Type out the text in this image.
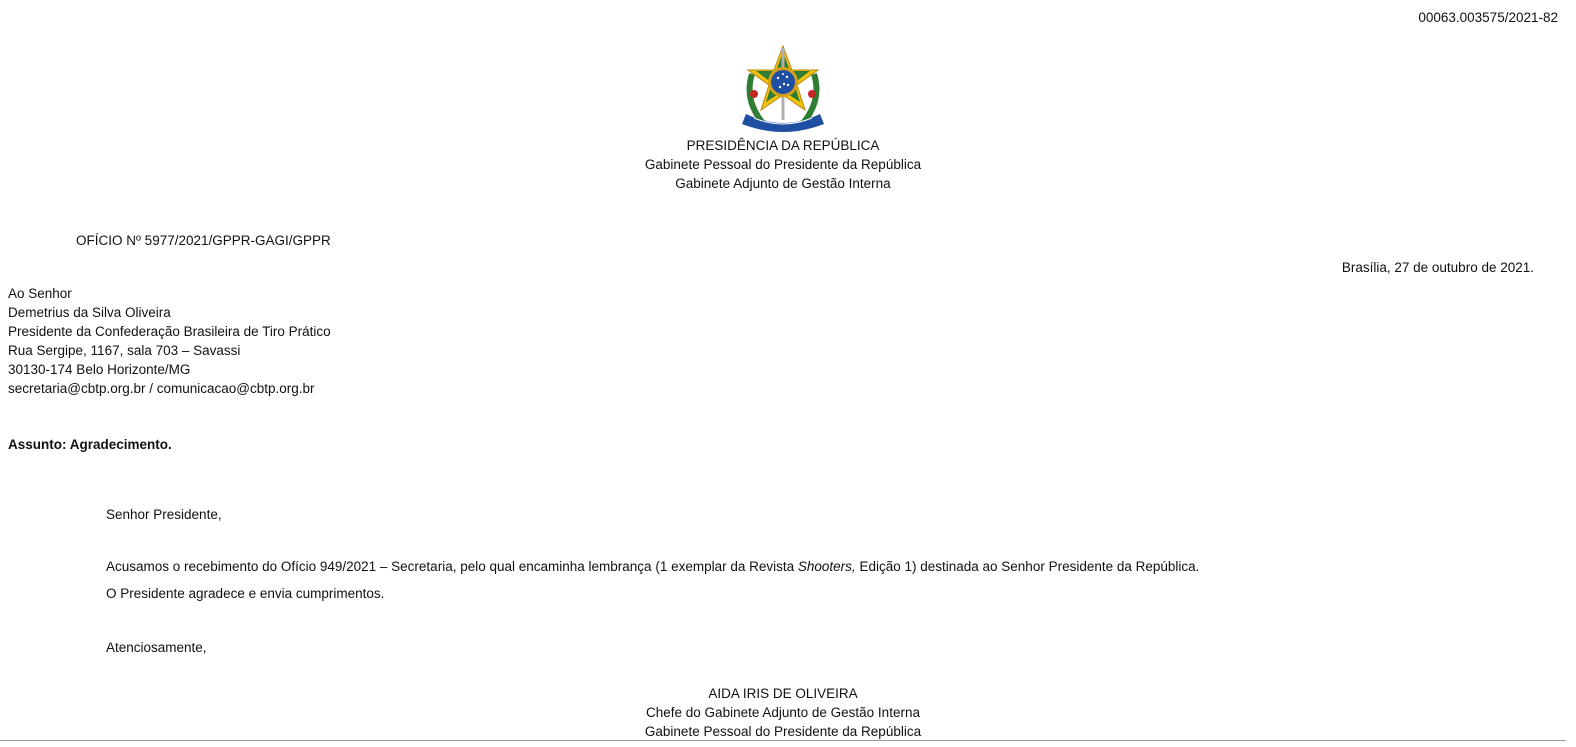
00063.003575/2021-82
PRESIDÊNCIA DA REPÚBLICA
Gabinete Pessoal do Presidente da República
Gabinete Adjunto de Gestão Interna
OFÍCIO Nº 5977/2021/GPPR-GAGI/GPPR
Brasília, 27 de outubro de 2021.
Ao Senhor
Demetrius da Silva Oliveira
Presidente da Confederação Brasileira de Tiro Prático
Rua Sergipe, 1167, sala 703 – Savassi
30130-174 Belo Horizonte/MG
secretaria@cbtp.org.br / comunicacao@cbtp.org.br
Assunto: Agradecimento.
Senhor Presidente,
Acusamos o recebimento do Ofício 949/2021 – Secretaria, pelo qual encaminha lembrança (1 exemplar da Revista Shooters, Edição 1) destinada ao Senhor Presidente da República.
O Presidente agradece e envia cumprimentos.
Atenciosamente,
AIDA IRIS DE OLIVEIRA
Chefe do Gabinete Adjunto de Gestão Interna
Gabinete Pessoal do Presidente da República
